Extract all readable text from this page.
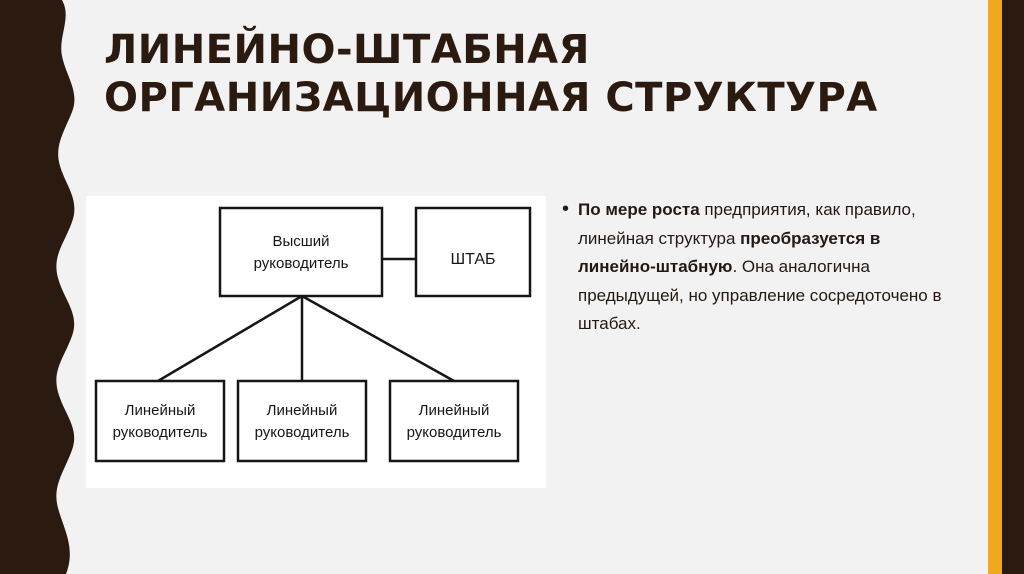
ЛИНЕЙНО-ШТАБНАЯ ОРГАНИЗАЦИОННАЯ СТРУКТУРА
Высший
руководитель	ШТАБ
Линейный
руководитель
Линейный
руководитель
Линейный
руководитель
• По мере роста предприятия, как правило, линейная структура преобразуется в линейно-штабную. Она аналогична предыдущей, но управление сосредоточено в штабах.
